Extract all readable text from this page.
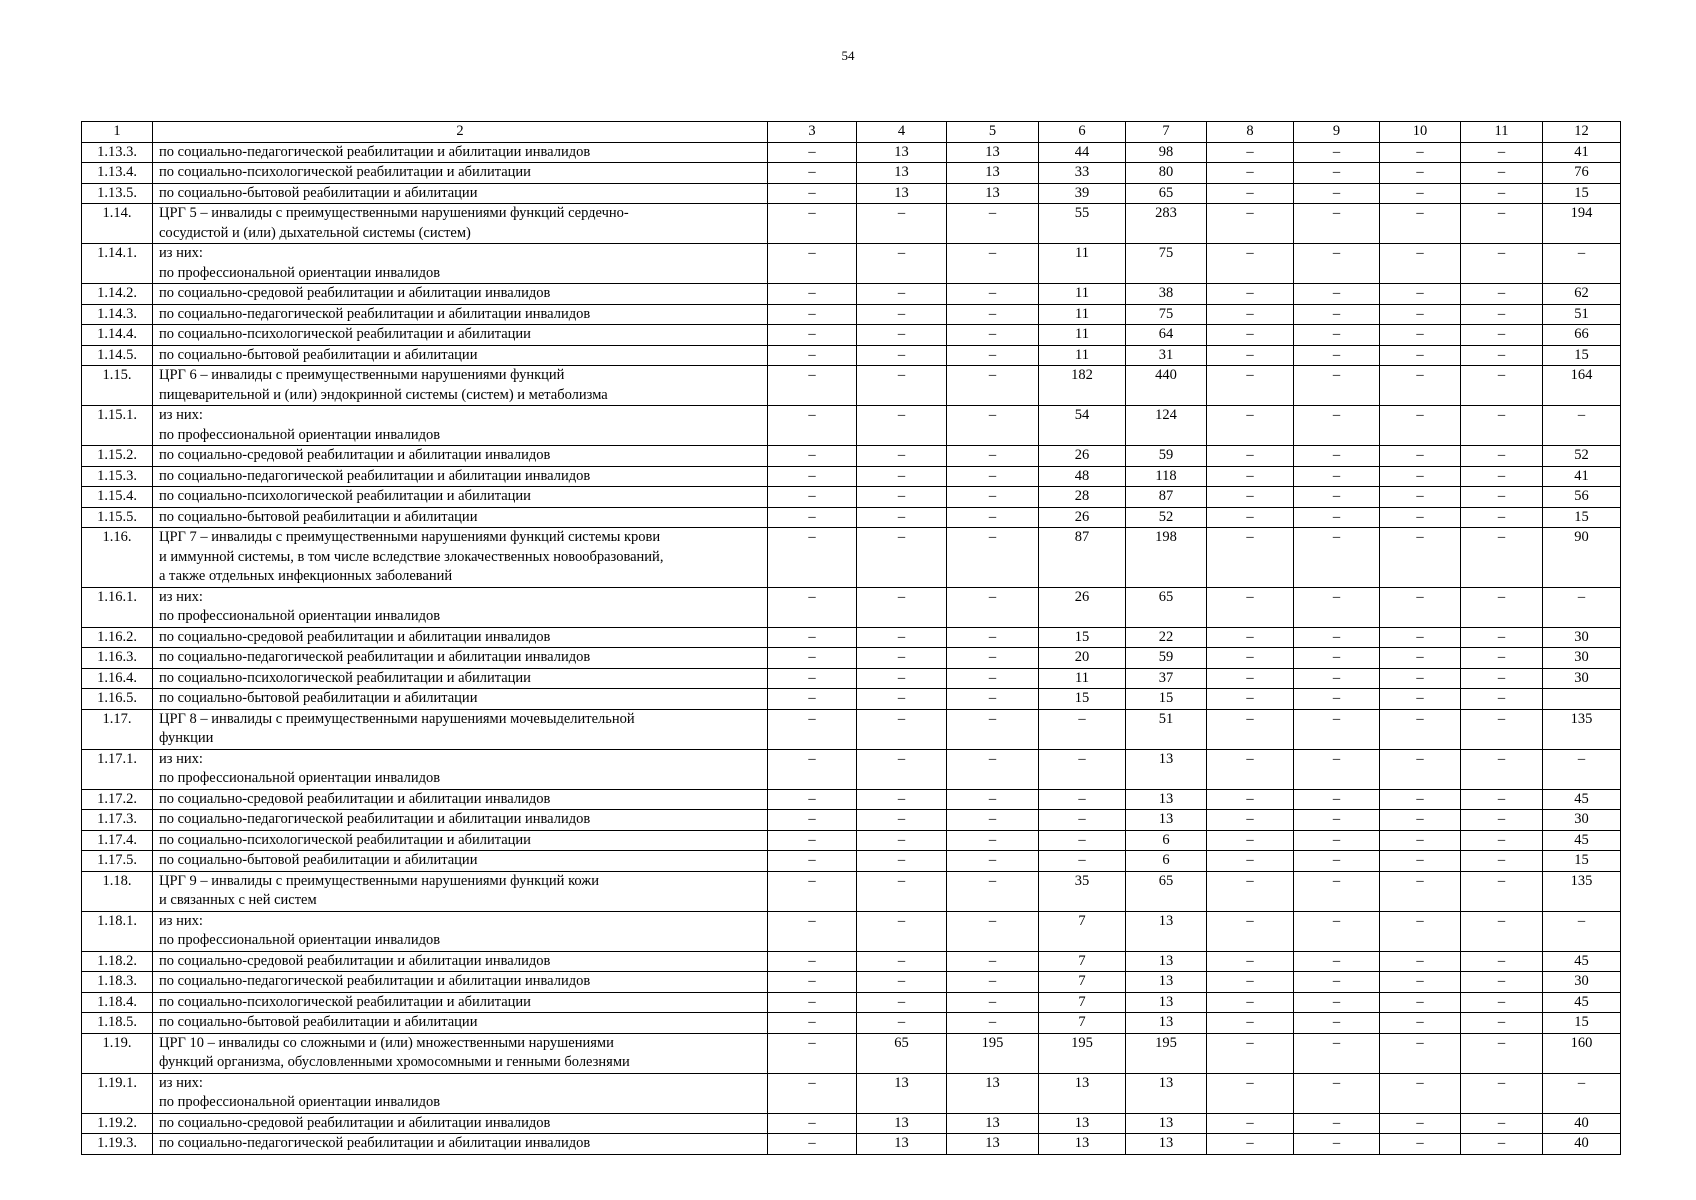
54
1	2	3	4	5	6	7	8	9	10	11	12
1.13.3.	по социально-педагогической реабилитации и абилитации инвалидов	–	13	13	44	98	–	–	–	–	41
1.13.4.	по социально-психологической реабилитации и абилитации	–	13	13	33	80	–	–	–	–	76
1.13.5.	по социально-бытовой реабилитации и абилитации	–	13	13	39	65	–	–	–	–	15
1.14.	ЦРГ 5 – инвалиды с преимущественными нарушениями функций сердечно-
сосудистой и (или) дыхательной системы (систем)	–	–	–	55	283	–	–	–	–	194
1.14.1.	из них:
по профессиональной ориентации инвалидов	–	–	–	11	75	–	–	–	–	–
1.14.2.	по социально-средовой реабилитации и абилитации инвалидов	–	–	–	11	38	–	–	–	–	62
1.14.3.	по социально-педагогической реабилитации и абилитации инвалидов	–	–	–	11	75	–	–	–	–	51
1.14.4.	по социально-психологической реабилитации и абилитации	–	–	–	11	64	–	–	–	–	66
1.14.5.	по социально-бытовой реабилитации и абилитации	–	–	–	11	31	–	–	–	–	15
1.15.	ЦРГ 6 – инвалиды с преимущественными нарушениями функций
пищеварительной и (или) эндокринной системы (систем) и метаболизма	–	–	–	182	440	–	–	–	–	164
1.15.1.	из них:
по профессиональной ориентации инвалидов	–	–	–	54	124	–	–	–	–	–
1.15.2.	по социально-средовой реабилитации и абилитации инвалидов	–	–	–	26	59	–	–	–	–	52
1.15.3.	по социально-педагогической реабилитации и абилитации инвалидов	–	–	–	48	118	–	–	–	–	41
1.15.4.	по социально-психологической реабилитации и абилитации	–	–	–	28	87	–	–	–	–	56
1.15.5.	по социально-бытовой реабилитации и абилитации	–	–	–	26	52	–	–	–	–	15
1.16.	ЦРГ 7 – инвалиды с преимущественными нарушениями функций системы крови
и иммунной системы, в том числе вследствие злокачественных новообразований,
а также отдельных инфекционных заболеваний	–	–	–	87	198	–	–	–	–	90
1.16.1.	из них:
по профессиональной ориентации инвалидов	–	–	–	26	65	–	–	–	–	–
1.16.2.	по социально-средовой реабилитации и абилитации инвалидов	–	–	–	15	22	–	–	–	–	30
1.16.3.	по социально-педагогической реабилитации и абилитации инвалидов	–	–	–	20	59	–	–	–	–	30
1.16.4.	по социально-психологической реабилитации и абилитации	–	–	–	11	37	–	–	–	–	30
1.16.5.	по социально-бытовой реабилитации и абилитации	–	–	–	15	15	–	–	–	–	
1.17.	ЦРГ 8 – инвалиды с преимущественными нарушениями мочевыделительной
функции	–	–	–	–	51	–	–	–	–	135
1.17.1.	из них:
по профессиональной ориентации инвалидов	–	–	–	–	13	–	–	–	–	–
1.17.2.	по социально-средовой реабилитации и абилитации инвалидов	–	–	–	–	13	–	–	–	–	45
1.17.3.	по социально-педагогической реабилитации и абилитации инвалидов	–	–	–	–	13	–	–	–	–	30
1.17.4.	по социально-психологической реабилитации и абилитации	–	–	–	–	6	–	–	–	–	45
1.17.5.	по социально-бытовой реабилитации и абилитации	–	–	–	–	6	–	–	–	–	15
1.18.	ЦРГ 9 – инвалиды с преимущественными нарушениями функций кожи
и связанных с ней систем	–	–	–	35	65	–	–	–	–	135
1.18.1.	из них:
по профессиональной ориентации инвалидов	–	–	–	7	13	–	–	–	–	–
1.18.2.	по социально-средовой реабилитации и абилитации инвалидов	–	–	–	7	13	–	–	–	–	45
1.18.3.	по социально-педагогической реабилитации и абилитации инвалидов	–	–	–	7	13	–	–	–	–	30
1.18.4.	по социально-психологической реабилитации и абилитации	–	–	–	7	13	–	–	–	–	45
1.18.5.	по социально-бытовой реабилитации и абилитации	–	–	–	7	13	–	–	–	–	15
1.19.	ЦРГ 10 – инвалиды со сложными и (или) множественными нарушениями
функций организма, обусловленными хромосомными и генными болезнями	–	65	195	195	195	–	–	–	–	160
1.19.1.	из них:
по профессиональной ориентации инвалидов	–	13	13	13	13	–	–	–	–	–
1.19.2.	по социально-средовой реабилитации и абилитации инвалидов	–	13	13	13	13	–	–	–	–	40
1.19.3.	по социально-педагогической реабилитации и абилитации инвалидов	–	13	13	13	13	–	–	–	–	40
